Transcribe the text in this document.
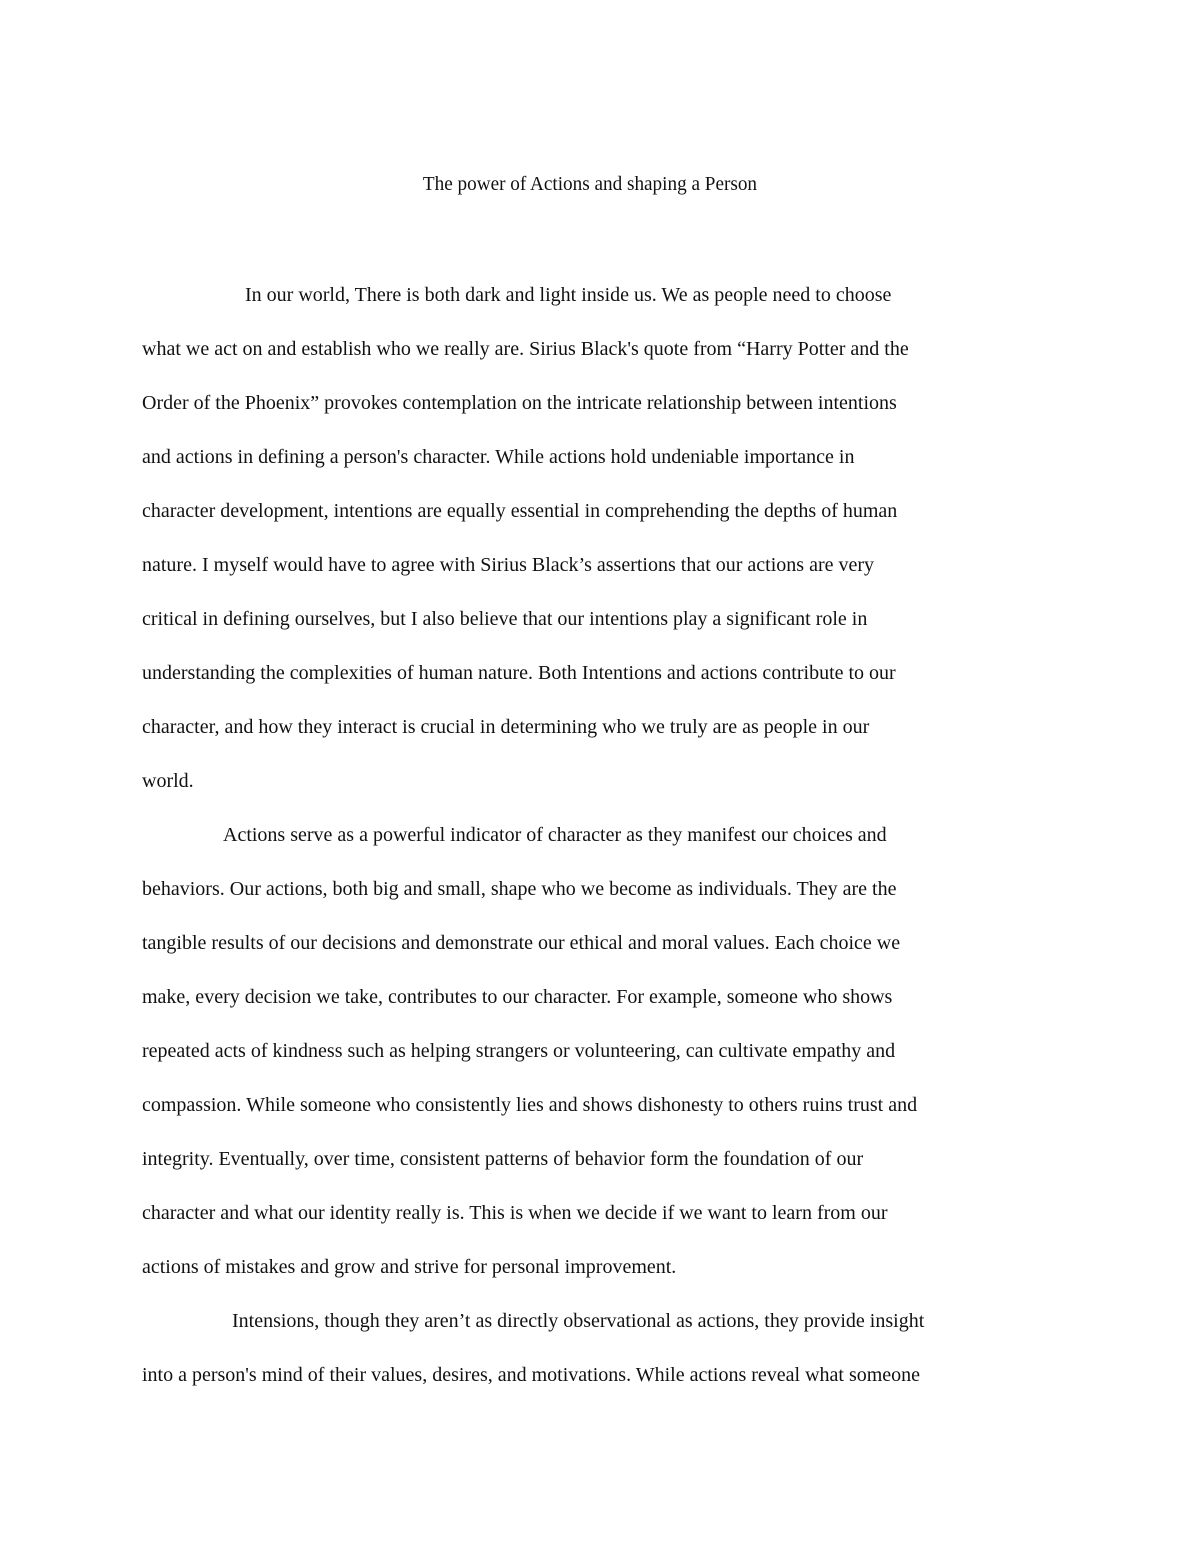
The power of Actions and shaping a Person
In our world, There is both dark and light inside us. We as people need to choose
what we act on and establish who we really are. Sirius Black's quote from “Harry Potter and the
Order of the Phoenix” provokes contemplation on the intricate relationship between intentions
and actions in defining a person's character. While actions hold undeniable importance in
character development, intentions are equally essential in comprehending the depths of human
nature. I myself would have to agree with Sirius Black’s assertions that our actions are very
critical in defining ourselves, but I also believe that our intentions play a significant role in
understanding the complexities of human nature. Both Intentions and actions contribute to our
character, and how they interact is crucial in determining who we truly are as people in our
world.
Actions serve as a powerful indicator of character as they manifest our choices and
behaviors. Our actions, both big and small, shape who we become as individuals. They are the
tangible results of our decisions and demonstrate our ethical and moral values. Each choice we
make, every decision we take, contributes to our character. For example, someone who shows
repeated acts of kindness such as helping strangers or volunteering, can cultivate empathy and
compassion. While someone who consistently lies and shows dishonesty to others ruins trust and
integrity. Eventually, over time, consistent patterns of behavior form the foundation of our
character and what our identity really is. This is when we decide if we want to learn from our
actions of mistakes and grow and strive for personal improvement.
Intensions, though they aren’t as directly observational as actions, they provide insight
into a person's mind of their values, desires, and motivations. While actions reveal what someone
